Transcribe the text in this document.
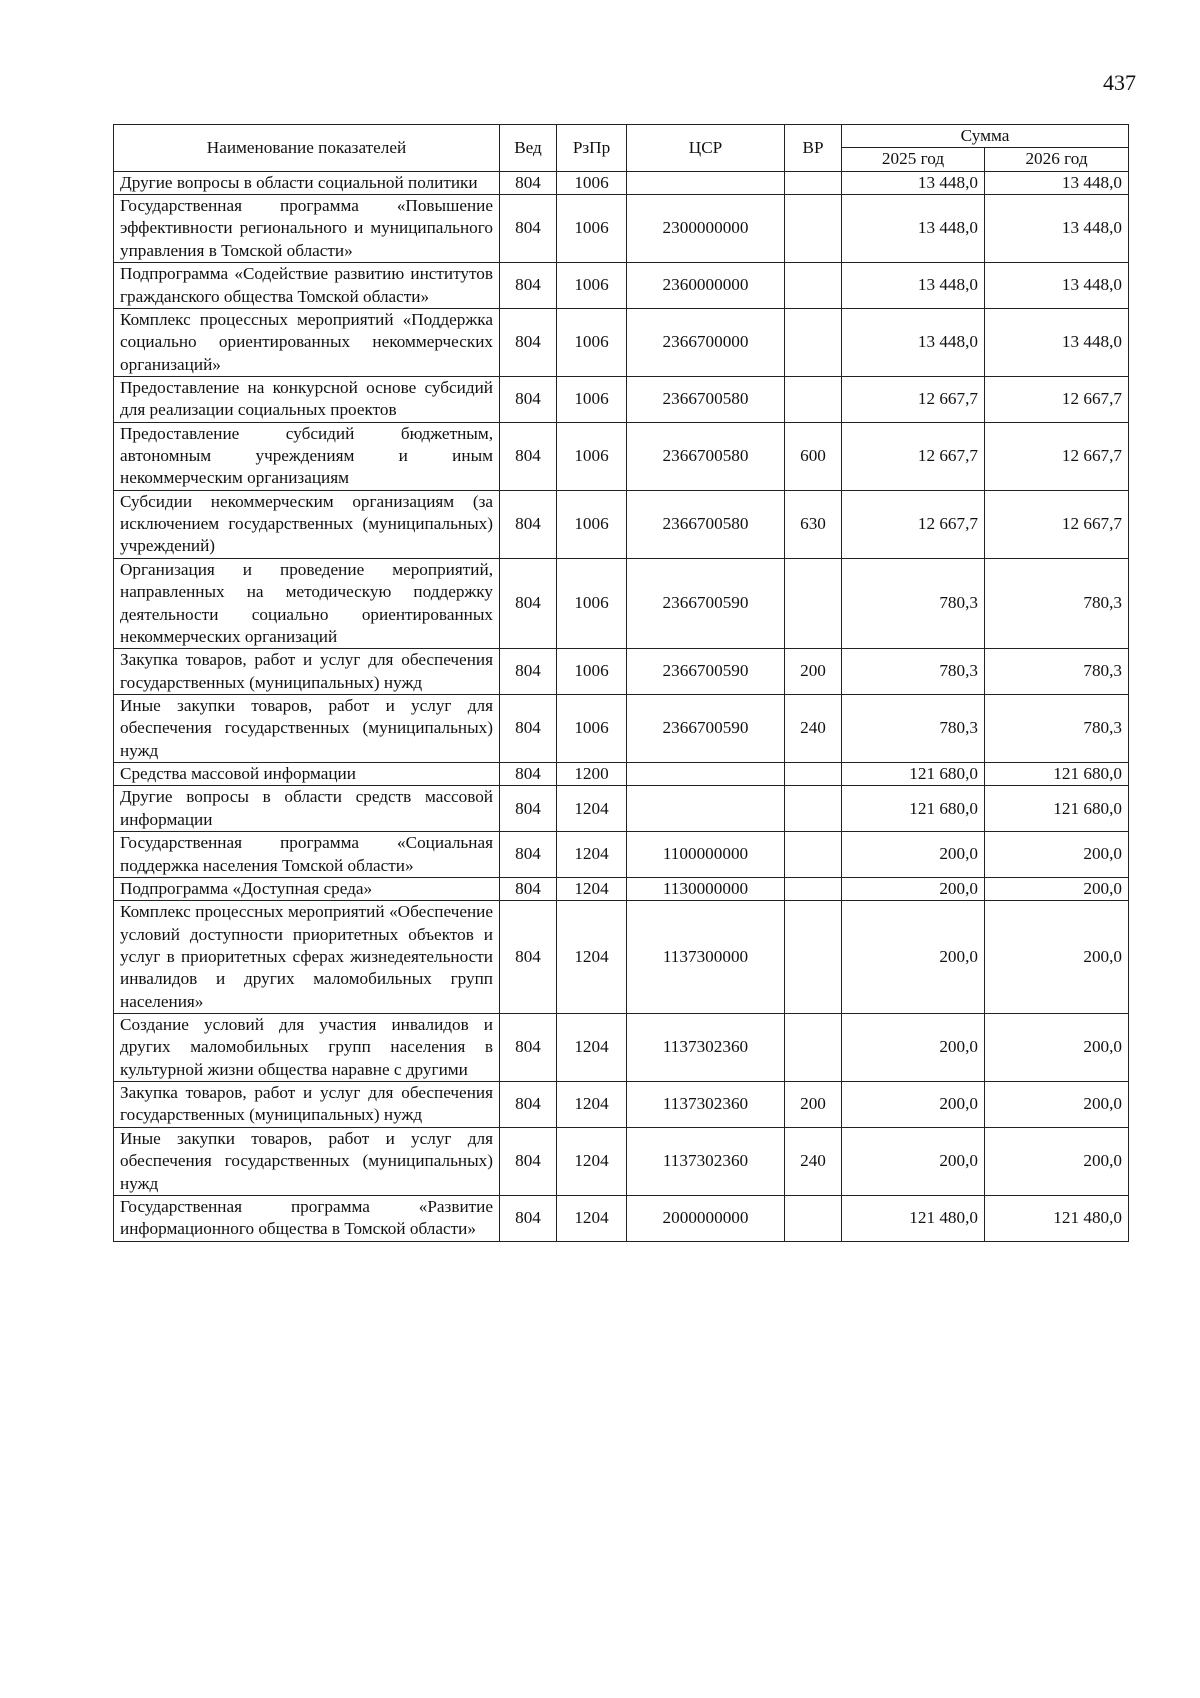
437
Наименование показателей	Вед	РзПр	ЦСР	ВР	Сумма	
					2025 год	2026 год
Другие вопросы в области социальной политики	804	1006			13 448,0	13 448,0
Государственная программа «Повышение эффективности регионального и муниципального управления в Томской области»	804	1006	2300000000		13 448,0	13 448,0
Подпрограмма «Содействие развитию институтов гражданского общества Томской области»	804	1006	2360000000		13 448,0	13 448,0
Комплекс процессных мероприятий «Поддержка социально ориентированных некоммерческих организаций»	804	1006	2366700000		13 448,0	13 448,0
Предоставление на конкурсной основе субсидий для реализации социальных проектов	804	1006	2366700580		12 667,7	12 667,7
Предоставление субсидий бюджетным, автономным учреждениям и иным некоммерческим организациям	804	1006	2366700580	600	12 667,7	12 667,7
Субсидии некоммерческим организациям (за исключением государственных (муниципальных) учреждений)	804	1006	2366700580	630	12 667,7	12 667,7
Организация и проведение мероприятий, направленных на методическую поддержку деятельности социально ориентированных некоммерческих организаций	804	1006	2366700590		780,3	780,3
Закупка товаров, работ и услуг для обеспечения государственных (муниципальных) нужд	804	1006	2366700590	200	780,3	780,3
Иные закупки товаров, работ и услуг для обеспечения государственных (муниципальных) нужд	804	1006	2366700590	240	780,3	780,3
Средства массовой информации	804	1200			121 680,0	121 680,0
Другие вопросы в области средств массовой информации	804	1204			121 680,0	121 680,0
Государственная программа «Социальная поддержка населения Томской области»	804	1204	1100000000		200,0	200,0
Подпрограмма «Доступная среда»	804	1204	1130000000		200,0	200,0
Комплекс процессных мероприятий «Обеспечение условий доступности приоритетных объектов и услуг в приоритетных сферах жизнедеятельности инвалидов и других маломобильных групп населения»	804	1204	1137300000		200,0	200,0
Создание условий для участия инвалидов и других маломобильных групп населения в культурной жизни общества наравне с другими	804	1204	1137302360		200,0	200,0
Закупка товаров, работ и услуг для обеспечения государственных (муниципальных) нужд	804	1204	1137302360	200	200,0	200,0
Иные закупки товаров, работ и услуг для обеспечения государственных (муниципальных) нужд	804	1204	1137302360	240	200,0	200,0
Государственная программа «Развитие информационного общества в Томской области»	804	1204	2000000000		121 480,0	121 480,0
